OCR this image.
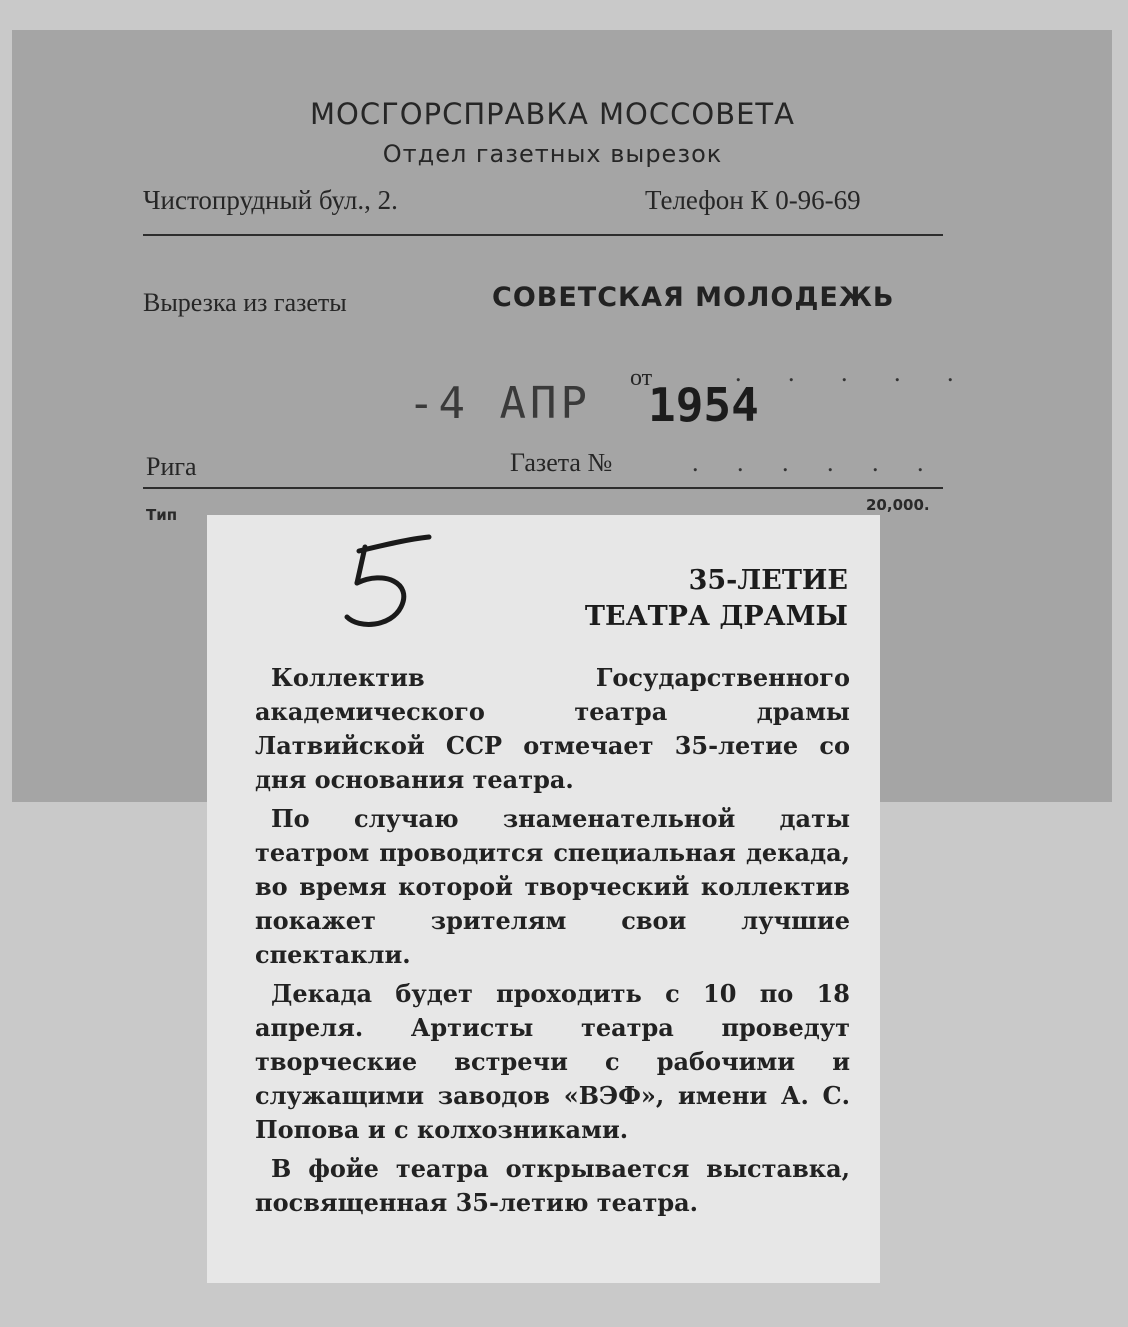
МОСГОРСПРАВКА МОССОВЕТА
Отдел газетных вырезок
Чистопрудный бул., 2.	Телефон К 0-96-69
Вырезка из газеты	СОВЕТСКАЯ МОЛОДЕЖЬ
-4 АПР от
1954
. . . . .
Рига	Газета №	. . . . . .
Тип
20,000.
35-ЛЕТИЕ
ТЕАТРА ДРАМЫ

Коллектив Государственного академического театра драмы Латвийской ССР отмечает 35-летие со дня основания театра.

По случаю знаменательной даты театром проводится специальная декада, во время которой творческий коллектив покажет зрителям свои лучшие спектакли.

Декада будет проходить с 10 по 18 апреля. Артисты театра проведут творческие встречи с рабочими и служащими заводов «ВЭФ», имени А. С. Попова и с колхозниками.

В фойе театра открывается выставка, посвященная 35-летию театра.
